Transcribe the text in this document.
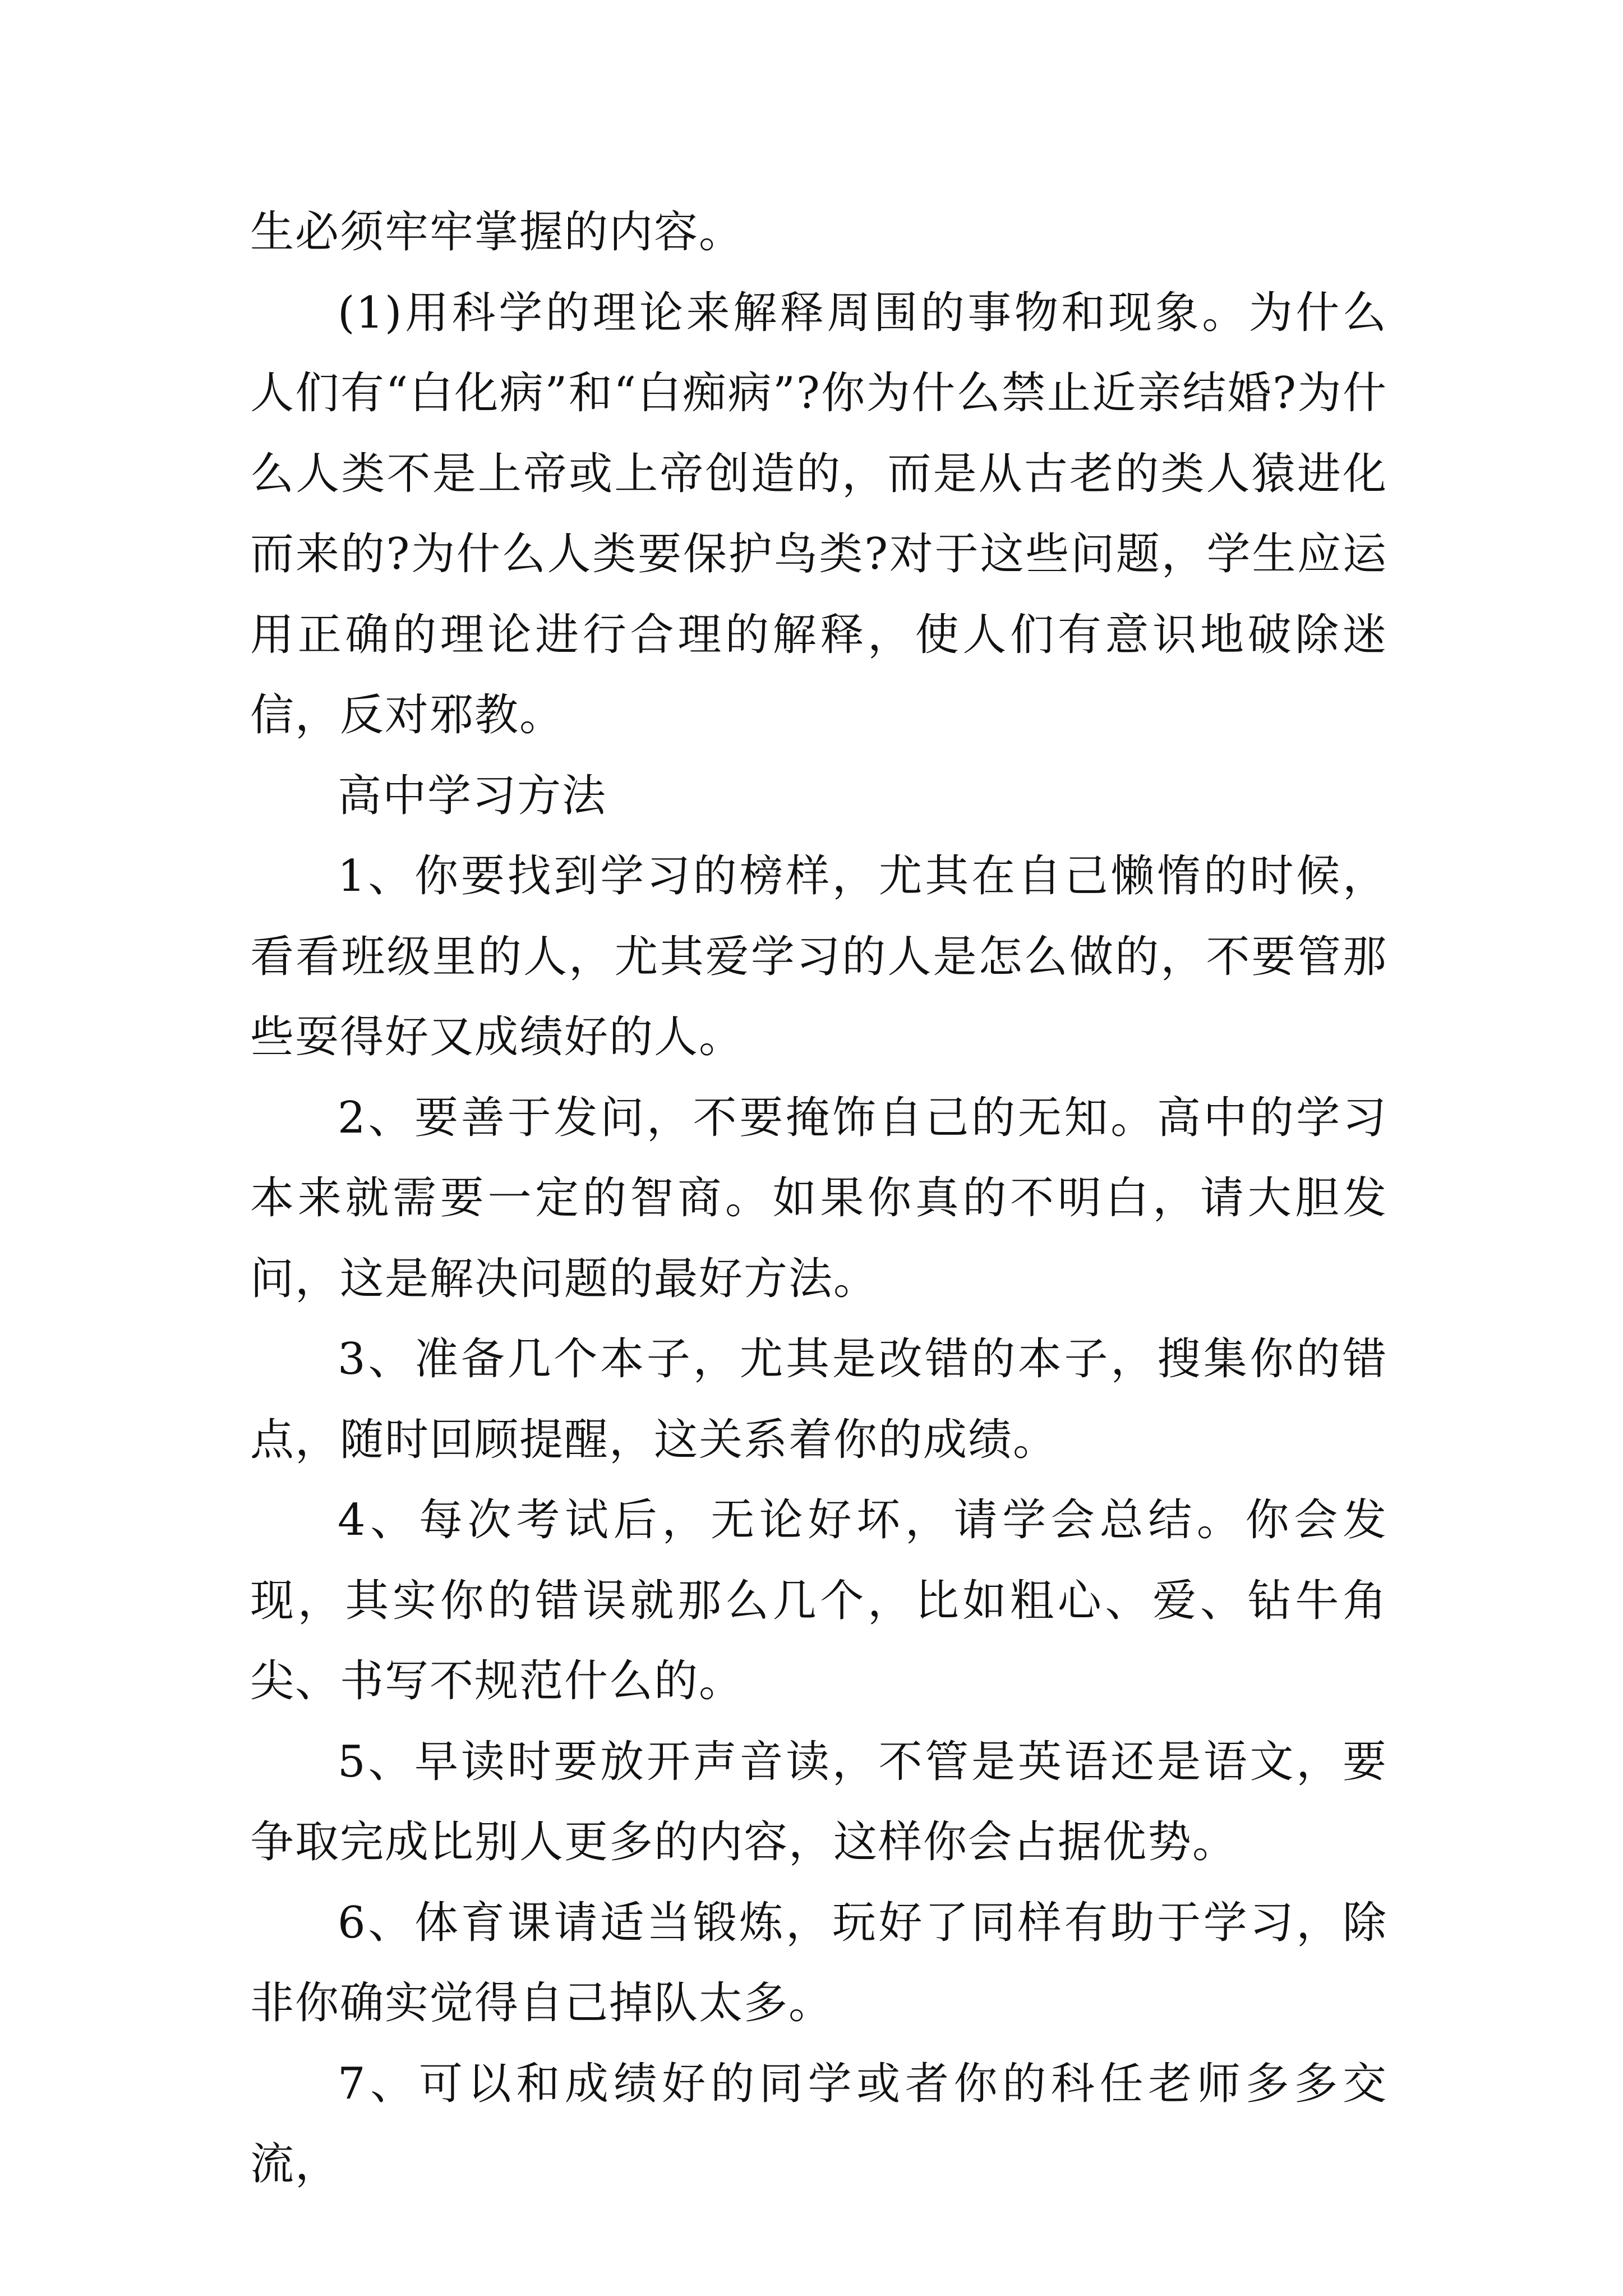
生必须牢牢掌握的内容。

(1)用科学的理论来解释周围的事物和现象。为什么人们有“白化病”和“白痴病”?你为什么禁止近亲结婚?为什么人类不是上帝或上帝创造的，而是从古老的类人猿进化而来的?为什么人类要保护鸟类?对于这些问题，学生应运用正确的理论进行合理的解释，使人们有意识地破除迷信，反对邪教。

高中学习方法

1、你要找到学习的榜样，尤其在自己懒惰的时候，看看班级里的人，尤其爱学习的人是怎么做的，不要管那些耍得好又成绩好的人。

2、要善于发问，不要掩饰自己的无知。高中的学习本来就需要一定的智商。如果你真的不明白，请大胆发问，这是解决问题的最好方法。

3、准备几个本子，尤其是改错的本子，搜集你的错点，随时回顾提醒，这关系着你的成绩。

4、每次考试后，无论好坏，请学会总结。你会发现，其实你的错误就那么几个，比如粗心、爱、钻牛角尖、书写不规范什么的。

5、早读时要放开声音读，不管是英语还是语文，要争取完成比别人更多的内容，这样你会占据优势。

6、体育课请适当锻炼，玩好了同样有助于学习，除非你确实觉得自己掉队太多。

7、可以和成绩好的同学或者你的科任老师多多交流，
